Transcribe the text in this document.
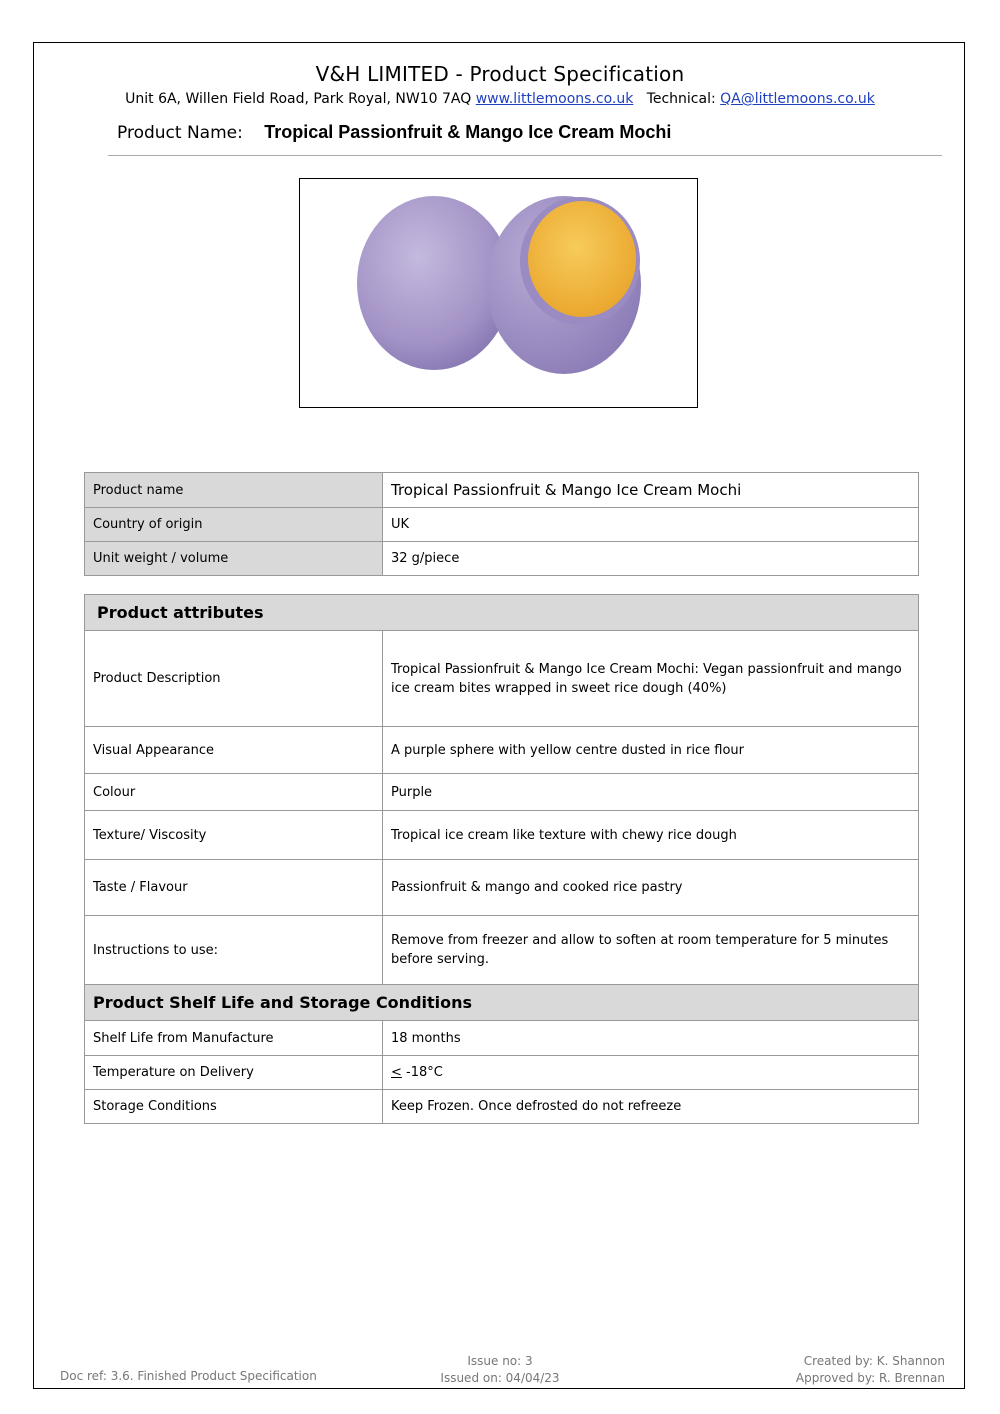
V&H LIMITED - Product Specification
Unit 6A, Willen Field Road, Park Royal, NW10 7AQ www.littlemoons.co.uk Technical: QA@littlemoons.co.uk
Product Name: Tropical Passionfruit & Mango Ice Cream Mochi
Product name	Tropical Passionfruit & Mango Ice Cream Mochi
Country of origin	UK
Unit weight / volume	32 g/piece
Product attributes	
Product Description	Tropical Passionfruit & Mango Ice Cream Mochi: Vegan passionfruit and mango ice cream bites wrapped in sweet rice dough (40%)
Visual Appearance	A purple sphere with yellow centre dusted in rice flour
Colour	Purple
Texture/ Viscosity	Tropical ice cream like texture with chewy rice dough
Taste / Flavour	Passionfruit & mango and cooked rice pastry
Instructions to use:	Remove from freezer and allow to soften at room temperature for 5 minutes before serving.
Product Shelf Life and Storage Conditions	
Shelf Life from Manufacture	18 months
Temperature on Delivery	< -18°C
Storage Conditions	Keep Frozen. Once defrosted do not refreeze
Doc ref: 3.6. Finished Product Specification
Issue no: 3
Issued on: 04/04/23
Created by: K. Shannon
Approved by: R. Brennan
